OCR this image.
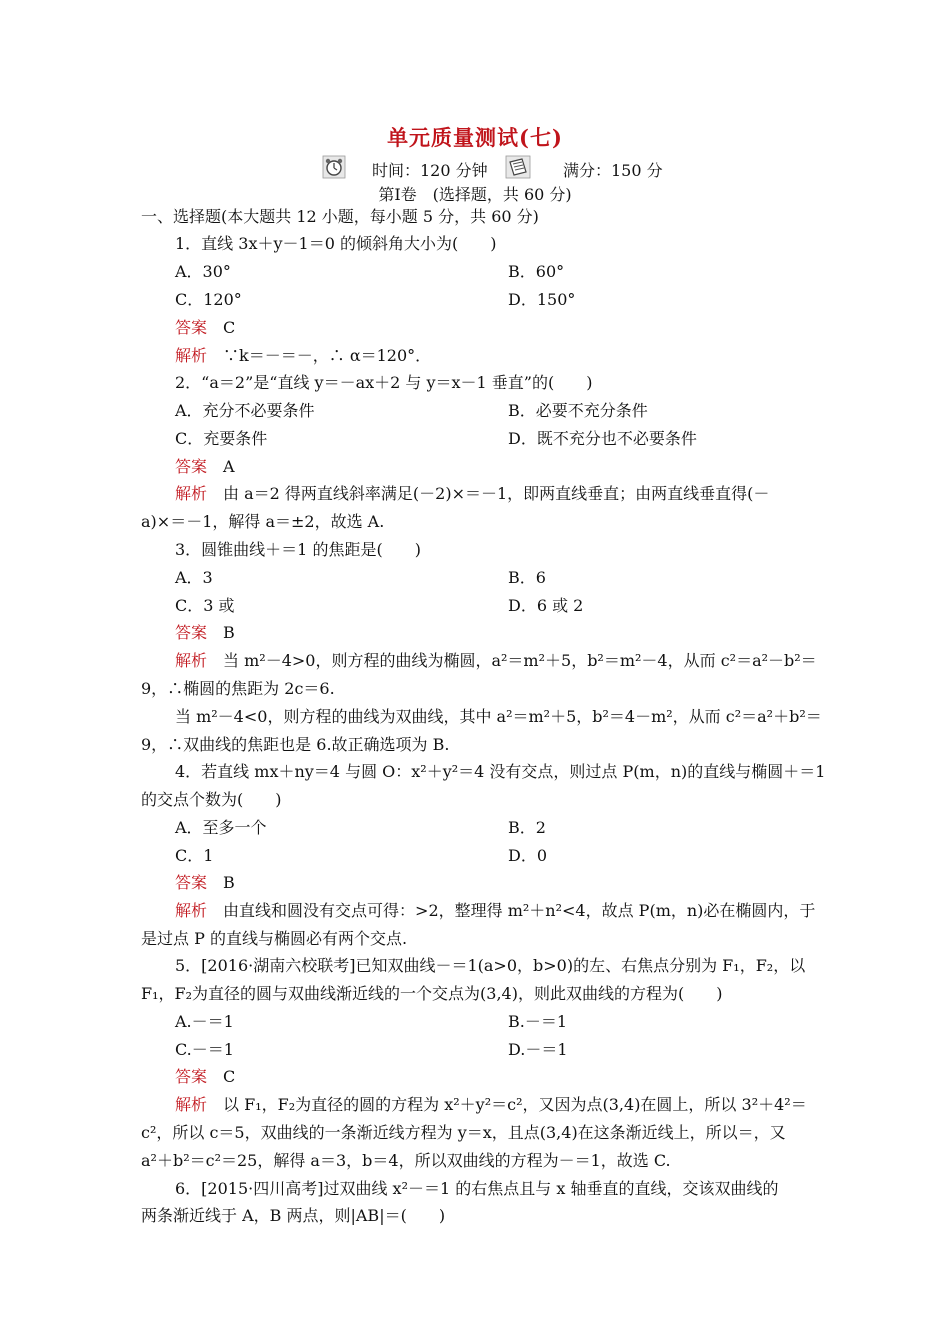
单元质量测试(七)
时间：120 分钟	满分：150 分
第Ⅰ卷　(选择题，共 60 分)
一、选择题(本大题共 12 小题，每小题 5 分，共 60 分)
1．直线 3x＋y－1＝0 的倾斜角大小为(　　)
A．30°	B．60°
C．120°	D．150°
答案　 C
解析　 ∵k＝－＝－，∴ α＝120°．
2．“a＝2”是“直线 y＝－ax＋2 与 y＝x－1 垂直”的(　　)
A．充分不必要条件	B．必要不充分条件
C．充要条件	D．既不充分也不必要条件
答案　 A
解析　 由 a＝2 得两直线斜率满足(－2)×＝－1，即两直线垂直；由两直线垂直得(－
a)×＝－1，解得 a＝±2，故选 A.
3．圆锥曲线＋＝1 的焦距是(　　)
A．3	B．6
C．3 或	D．6 或 2
答案　 B
解析　 当 m²－4>0，则方程的曲线为椭圆，a²＝m²＋5，b²＝m²－4，从而 c²＝a²－b²＝
9，∴椭圆的焦距为 2c＝6.
当 m²－4<0，则方程的曲线为双曲线，其中 a²＝m²＋5，b²＝4－m²，从而 c²＝a²＋b²＝
9，∴双曲线的焦距也是 6.故正确选项为 B.
4．若直线 mx＋ny＝4 与圆 O：x²＋y²＝4 没有交点，则过点 P(m，n)的直线与椭圆＋＝1
的交点个数为(　　)
A．至多一个	B．2
C．1	D．0
答案　 B
解析　 由直线和圆没有交点可得：>2，整理得 m²＋n²<4，故点 P(m，n)必在椭圆内，于
是过点 P 的直线与椭圆必有两个交点.
5．[2016·湖南六校联考]已知双曲线－＝1(a>0，b>0)的左、右焦点分别为 F₁，F₂，以
F₁，F₂为直径的圆与双曲线渐近线的一个交点为(3,4)，则此双曲线的方程为(　　)
A.－＝1	B.－＝1
C.－＝1	D.－＝1
答案　 C
解析　 以 F₁，F₂为直径的圆的方程为 x²＋y²＝c²，又因为点(3,4)在圆上，所以 3²＋4²＝
c²，所以 c＝5，双曲线的一条渐近线方程为 y＝x，且点(3,4)在这条渐近线上，所以＝，又
a²＋b²＝c²＝25，解得 a＝3，b＝4，所以双曲线的方程为－＝1，故选 C.
6．[2015·四川高考]过双曲线 x²－＝1 的右焦点且与 x 轴垂直的直线，交该双曲线的
两条渐近线于 A，B 两点，则|AB|＝(　　)
